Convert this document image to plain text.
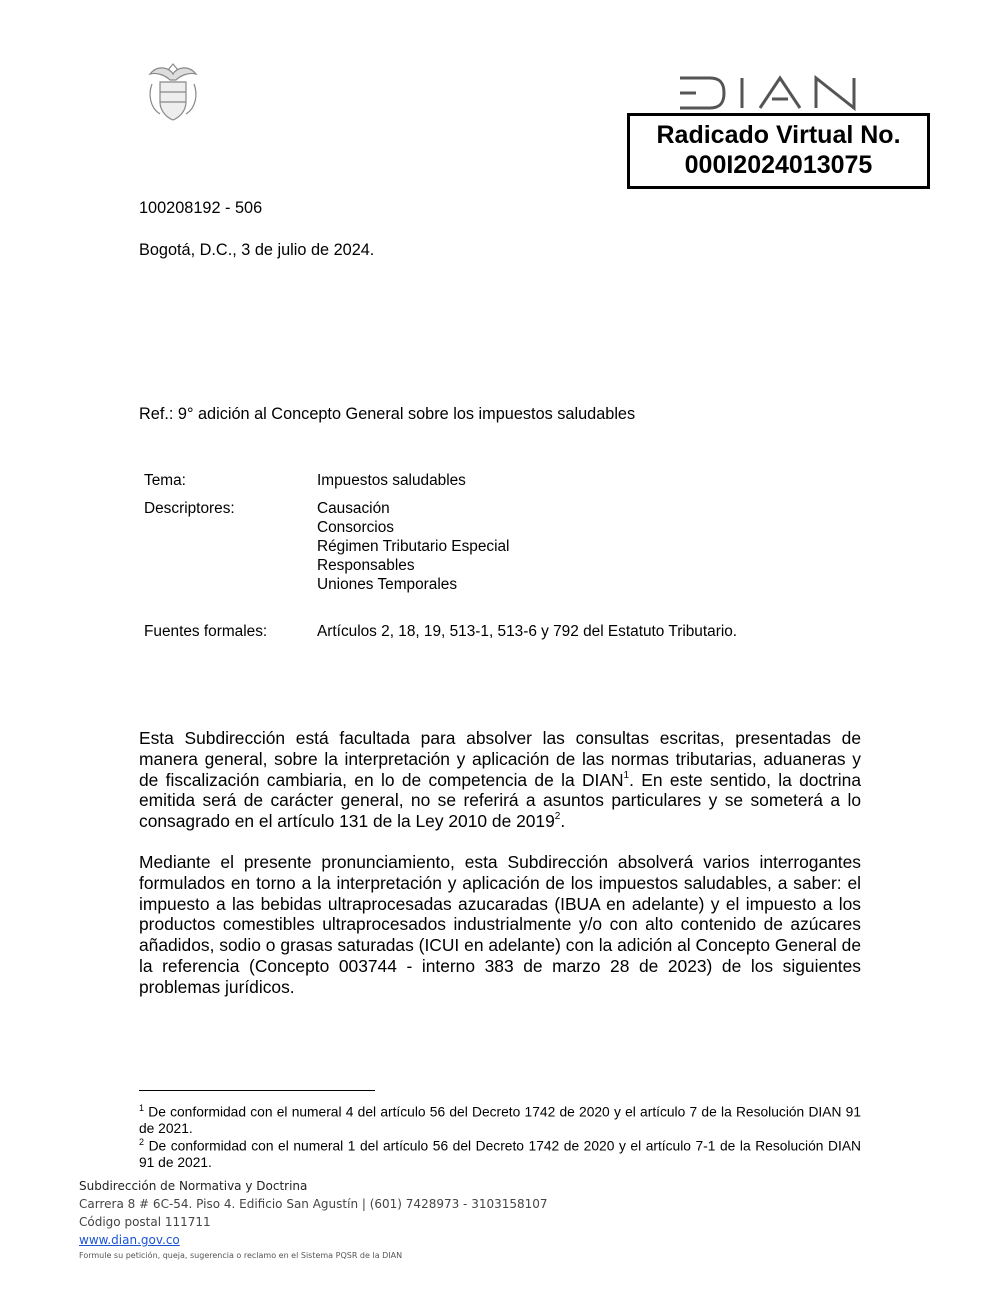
Radicado Virtual No.
000I2024013075
100208192 - 506
Bogotá, D.C., 3 de julio de 2024.
Ref.: 9° adición al Concepto General sobre los impuestos saludables
Tema:	Impuestos saludables
Descriptores:	Causación
Consorcios
Régimen Tributario Especial
Responsables
Uniones Temporales
Fuentes formales:	Artículos 2, 18, 19, 513-1, 513-6 y 792 del Estatuto Tributario.

Esta Subdirección está facultada para absolver las consultas escritas, presentadas de manera general, sobre la interpretación y aplicación de las normas tributarias, aduaneras y de fiscalización cambiaria, en lo de competencia de la DIAN$^1$. En este sentido, la doctrina emitida será de carácter general, no se referirá a asuntos particulares y se someterá a lo consagrado en el artículo 131 de la Ley 2010 de 2019$^2$.

Mediante el presente pronunciamiento, esta Subdirección absolverá varios interrogantes formulados en torno a la interpretación y aplicación de los impuestos saludables, a saber: el impuesto a las bebidas ultraprocesadas azucaradas (IBUA en adelante) y el impuesto a los productos comestibles ultraprocesados industrialmente y/o con alto contenido de azúcares añadidos, sodio o grasas saturadas (ICUI en adelante) con la adición al Concepto General de la referencia (Concepto 003744 - interno 383 de marzo 28 de 2023) de los siguientes problemas jurídicos.

$^1$ De conformidad con el numeral 4 del artículo 56 del Decreto 1742 de 2020 y el artículo 7 de la Resolución DIAN 91 de 2021.
$^2$ De conformidad con el numeral 1 del artículo 56 del Decreto 1742 de 2020 y el artículo 7-1 de la Resolución DIAN 91 de 2021.
Subdirección de Normativa y Doctrina
Carrera 8 # 6C-54. Piso 4. Edificio San Agustín | (601) 7428973 - 3103158107
Código postal 111711
www.dian.gov.co
Formule su petición, queja, sugerencia o reclamo en el Sistema PQSR de la DIAN
